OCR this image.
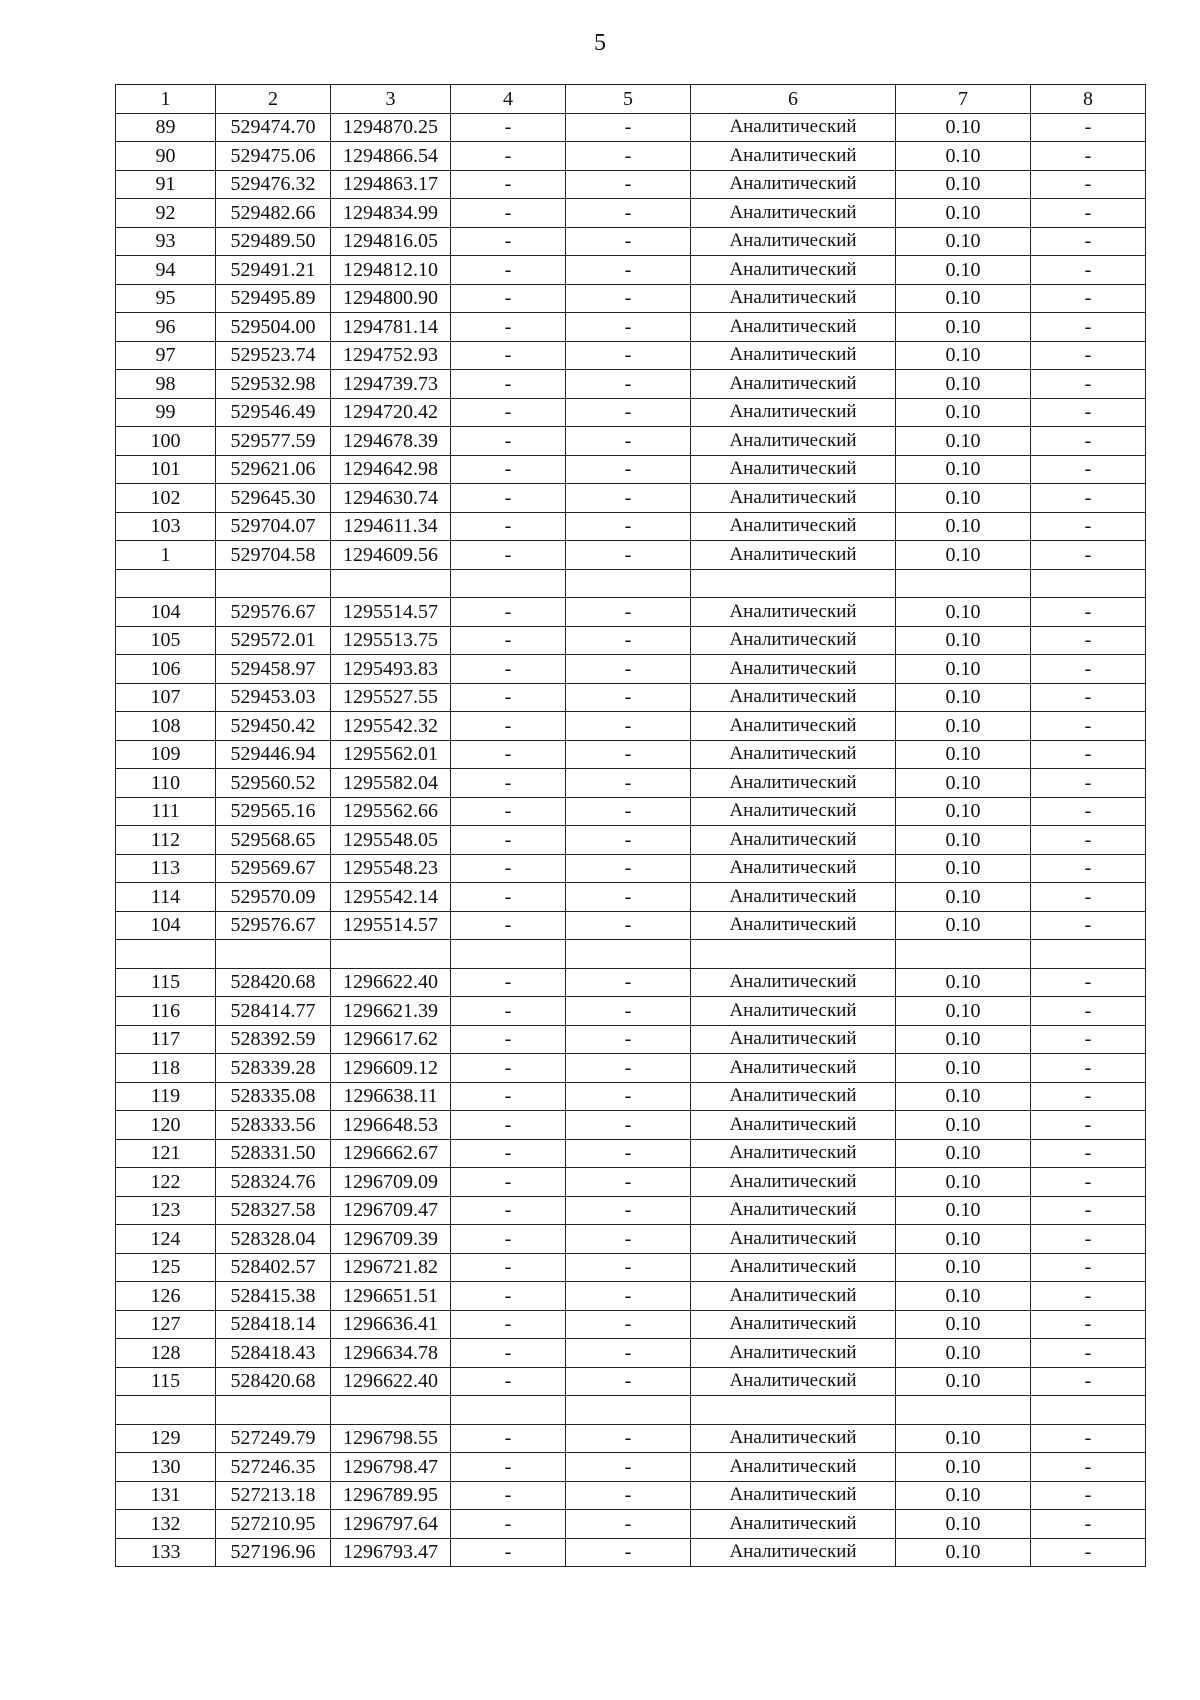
5
1	2	3	4	5	6	7	8
89	529474.70	1294870.25	-	-	Аналитический	0.10	-
90	529475.06	1294866.54	-	-	Аналитический	0.10	-
91	529476.32	1294863.17	-	-	Аналитический	0.10	-
92	529482.66	1294834.99	-	-	Аналитический	0.10	-
93	529489.50	1294816.05	-	-	Аналитический	0.10	-
94	529491.21	1294812.10	-	-	Аналитический	0.10	-
95	529495.89	1294800.90	-	-	Аналитический	0.10	-
96	529504.00	1294781.14	-	-	Аналитический	0.10	-
97	529523.74	1294752.93	-	-	Аналитический	0.10	-
98	529532.98	1294739.73	-	-	Аналитический	0.10	-
99	529546.49	1294720.42	-	-	Аналитический	0.10	-
100	529577.59	1294678.39	-	-	Аналитический	0.10	-
101	529621.06	1294642.98	-	-	Аналитический	0.10	-
102	529645.30	1294630.74	-	-	Аналитический	0.10	-
103	529704.07	1294611.34	-	-	Аналитический	0.10	-
1	529704.58	1294609.56	-	-	Аналитический	0.10	-

104	529576.67	1295514.57	-	-	Аналитический	0.10	-
105	529572.01	1295513.75	-	-	Аналитический	0.10	-
106	529458.97	1295493.83	-	-	Аналитический	0.10	-
107	529453.03	1295527.55	-	-	Аналитический	0.10	-
108	529450.42	1295542.32	-	-	Аналитический	0.10	-
109	529446.94	1295562.01	-	-	Аналитический	0.10	-
110	529560.52	1295582.04	-	-	Аналитический	0.10	-
111	529565.16	1295562.66	-	-	Аналитический	0.10	-
112	529568.65	1295548.05	-	-	Аналитический	0.10	-
113	529569.67	1295548.23	-	-	Аналитический	0.10	-
114	529570.09	1295542.14	-	-	Аналитический	0.10	-
104	529576.67	1295514.57	-	-	Аналитический	0.10	-

115	528420.68	1296622.40	-	-	Аналитический	0.10	-
116	528414.77	1296621.39	-	-	Аналитический	0.10	-
117	528392.59	1296617.62	-	-	Аналитический	0.10	-
118	528339.28	1296609.12	-	-	Аналитический	0.10	-
119	528335.08	1296638.11	-	-	Аналитический	0.10	-
120	528333.56	1296648.53	-	-	Аналитический	0.10	-
121	528331.50	1296662.67	-	-	Аналитический	0.10	-
122	528324.76	1296709.09	-	-	Аналитический	0.10	-
123	528327.58	1296709.47	-	-	Аналитический	0.10	-
124	528328.04	1296709.39	-	-	Аналитический	0.10	-
125	528402.57	1296721.82	-	-	Аналитический	0.10	-
126	528415.38	1296651.51	-	-	Аналитический	0.10	-
127	528418.14	1296636.41	-	-	Аналитический	0.10	-
128	528418.43	1296634.78	-	-	Аналитический	0.10	-
115	528420.68	1296622.40	-	-	Аналитический	0.10	-

129	527249.79	1296798.55	-	-	Аналитический	0.10	-
130	527246.35	1296798.47	-	-	Аналитический	0.10	-
131	527213.18	1296789.95	-	-	Аналитический	0.10	-
132	527210.95	1296797.64	-	-	Аналитический	0.10	-
133	527196.96	1296793.47	-	-	Аналитический	0.10	-
